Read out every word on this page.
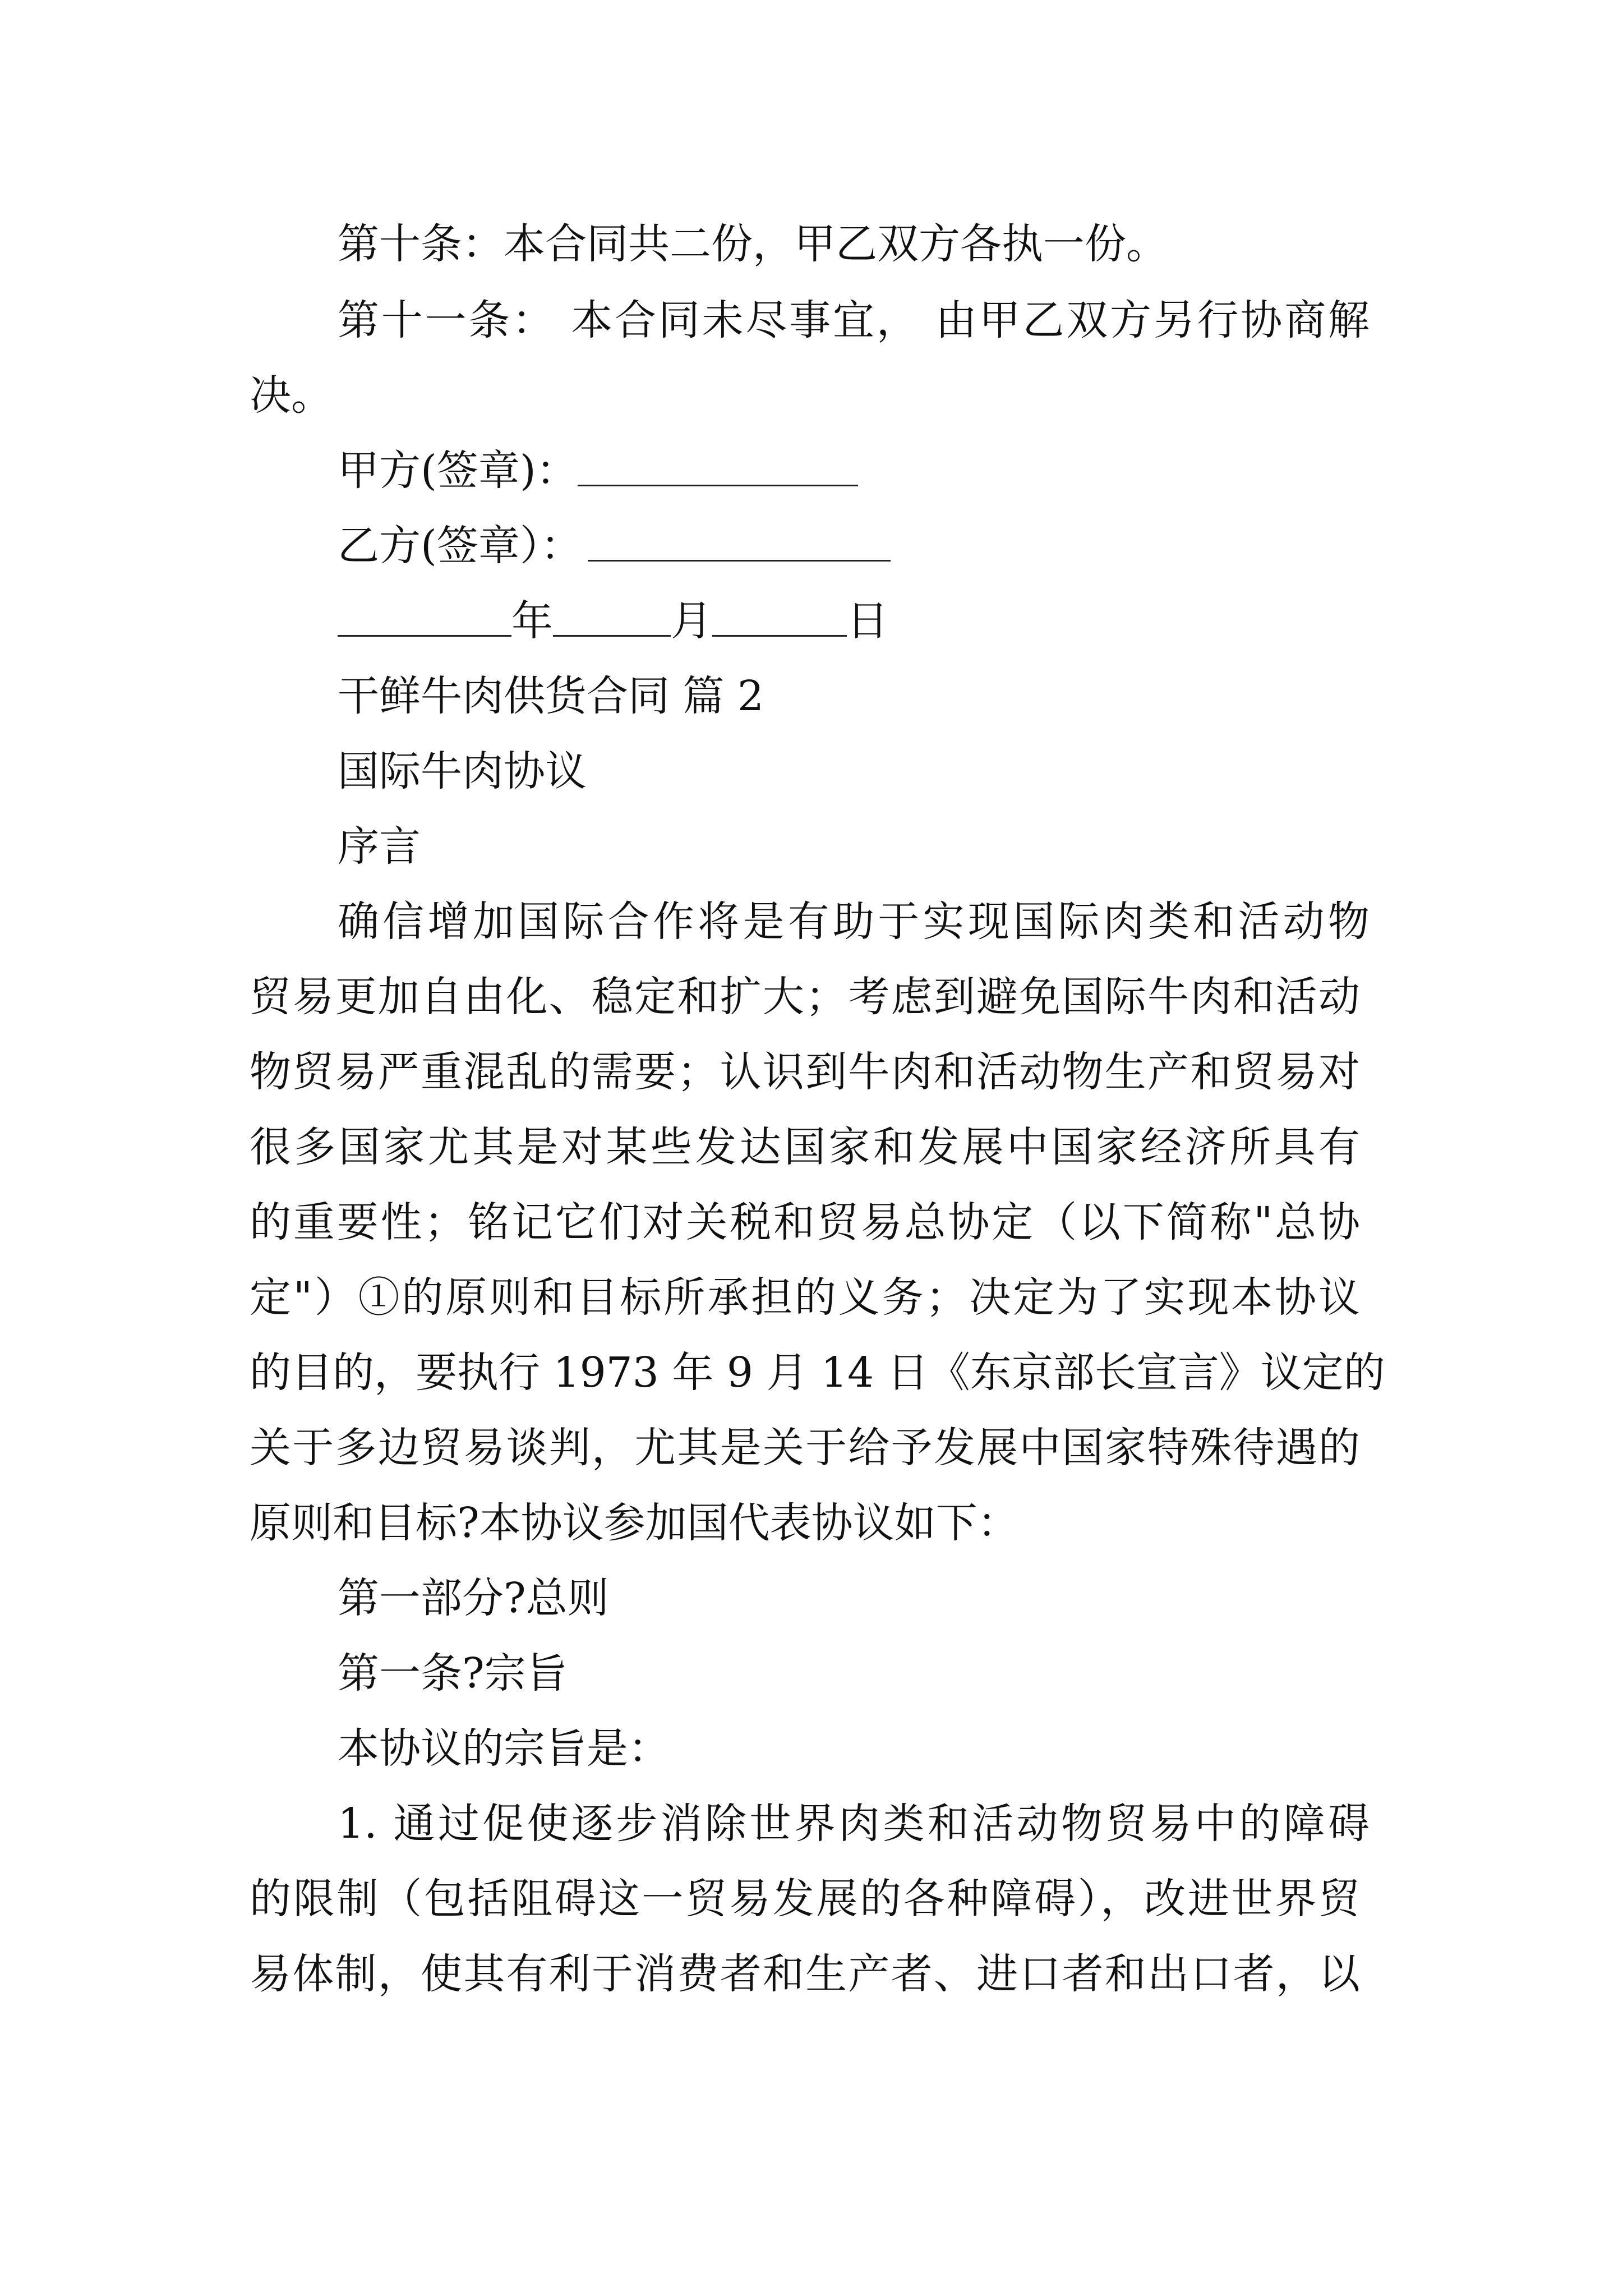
第十条：本合同共二份，甲乙双方各执一份。
第十一条： 本合同未尽事宜， 由甲乙双方另行协商解
决。
甲方(签章)：
乙方(签章）：
年	月	日
干鲜牛肉供货合同 篇 2
国际牛肉协议
序言
确信增加国际合作将是有助于实现国际肉类和活动物
贸易更加自由化、稳定和扩大；考虑到避免国际牛肉和活动
物贸易严重混乱的需要；认识到牛肉和活动物生产和贸易对
很多国家尤其是对某些发达国家和发展中国家经济所具有
的重要性；铭记它们对关税和贸易总协定（以下简称"总协
定"）①的原则和目标所承担的义务；决定为了实现本协议
的目的，要执行 1973 年 9 月 14 日《东京部长宣言》议定的
关于多边贸易谈判，尤其是关于给予发展中国家特殊待遇的
原则和目标?本协议参加国代表协议如下：
第一部分?总则
第一条?宗旨
本协议的宗旨是：
1. 通过促使逐步消除世界肉类和活动物贸易中的障碍
的限制（包括阻碍这一贸易发展的各种障碍），改进世界贸
易体制，使其有利于消费者和生产者、进口者和出口者，以
